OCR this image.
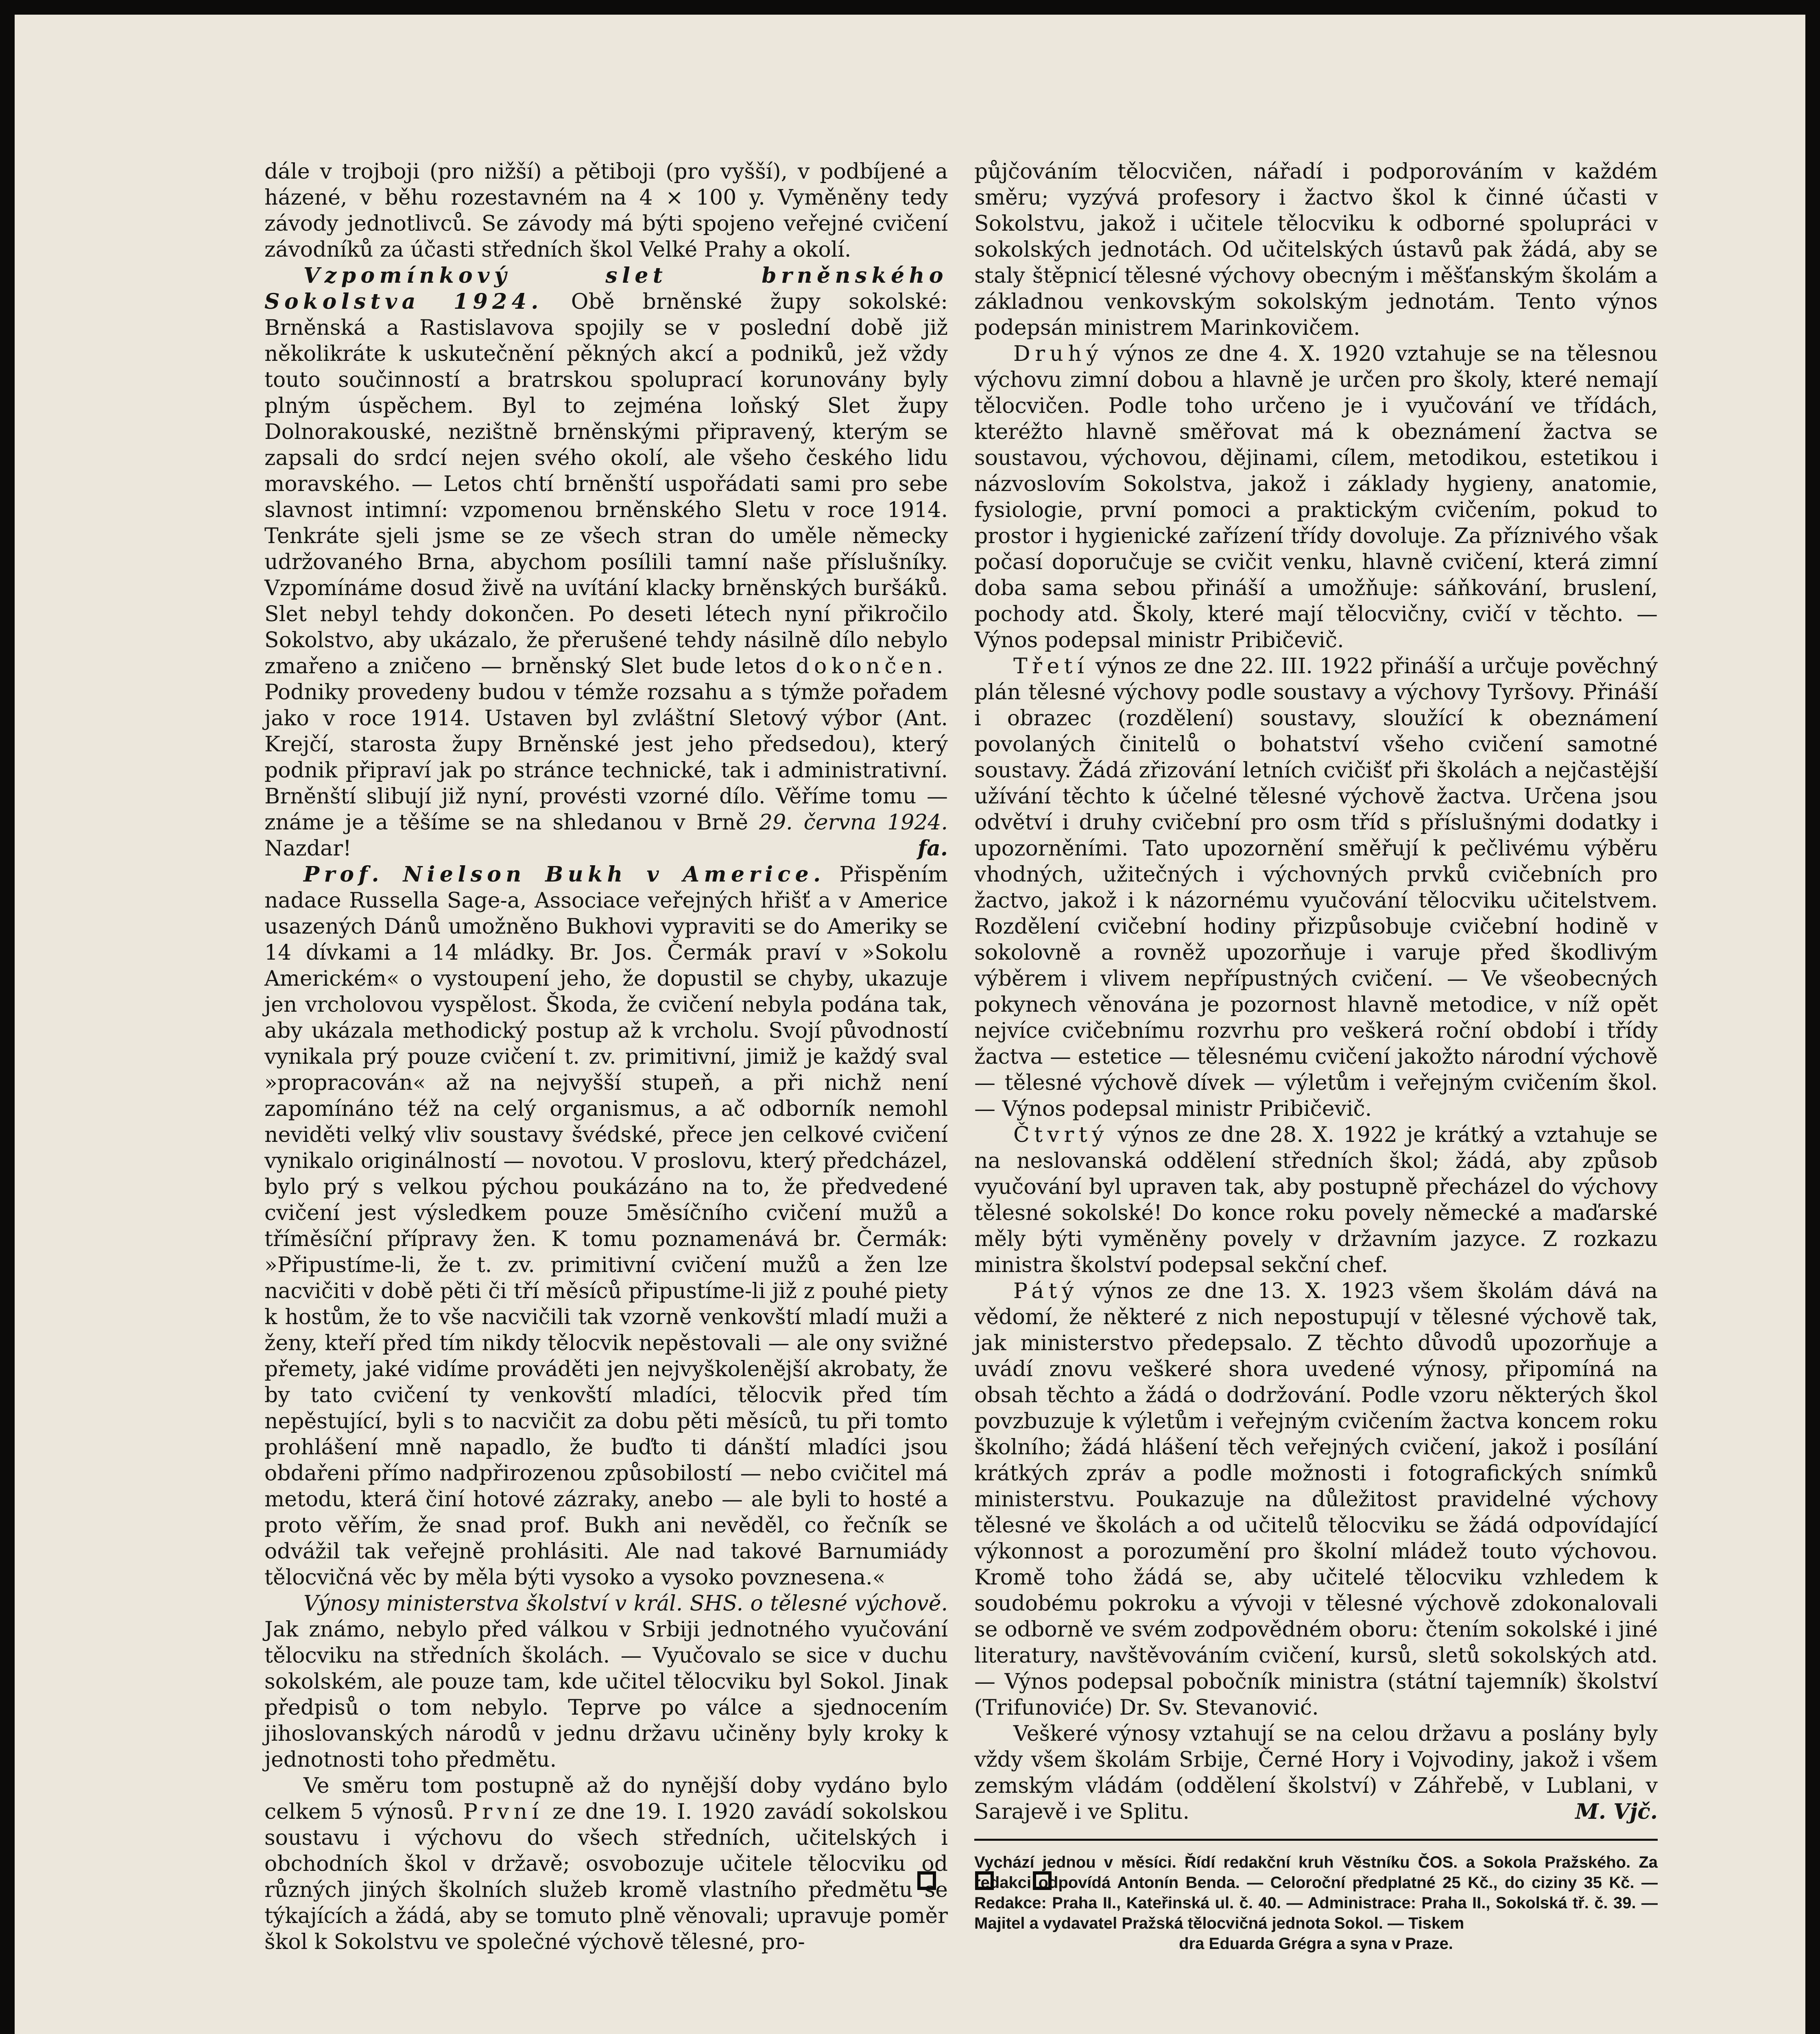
dále v trojboji (pro nižší) a pětiboji (pro vyšší), v podbíjené a házené, v běhu rozestavném na 4 × 100 y. Vyměněny tedy závody jednotlivců. Se závody má býti spojeno veřejné cvičení závodníků za účasti středních škol Velké Prahy a okolí.

Vzpomínkový slet brněnského Sokolstva 1924. Obě brněnské župy sokolské: Brněnská a Rastislavova spojily se v poslední době již několikráte k uskutečnění pěkných akcí a podniků, jež vždy touto součinností a bratrskou spoluprací korunovány byly plným úspěchem. Byl to zejména loňský Slet župy Dolnorakouské, nezištně brněnskými připravený, kterým se zapsali do srdcí nejen svého okolí, ale všeho českého lidu moravského. — Letos chtí brněnští uspořádati sami pro sebe slavnost intimní: vzpomenou brněnského Sletu v roce 1914. Tenkráte sjeli jsme se ze všech stran do uměle německy udržovaného Brna, abychom posílili tamní naše příslušníky. Vzpomínáme dosud živě na uvítání klacky brněnských buršáků. Slet nebyl tehdy dokončen. Po deseti létech nyní přikročilo Sokolstvo, aby ukázalo, že přerušené tehdy násilně dílo nebylo zmařeno a zničeno — brněnský Slet bude letos dokončen. Podniky provedeny budou v témže rozsahu a s týmže pořadem jako v roce 1914. Ustaven byl zvláštní Sletový výbor (Ant. Krejčí, starosta župy Brněnské jest jeho předsedou), který podnik připraví jak po stránce technické, tak i administrativní. Brněnští slibují již nyní, provésti vzorné dílo. Věříme tomu — známe je a těšíme se na shledanou v Brně 29. června 1924. Nazdar!	fa.

Prof. Nielson Bukh v Americe. Přispěním nadace Russella Sage-a, Associace veřejných hřišť a v Americe usazených Dánů umožněno Bukhovi vypraviti se do Ameriky se 14 dívkami a 14 mládky. Br. Jos. Čermák praví v »Sokolu Americkém« o vystoupení jeho, že dopustil se chyby, ukazuje jen vrcholovou vyspělost. Škoda, že cvičení nebyla podána tak, aby ukázala methodický postup až k vrcholu. Svojí původností vynikala prý pouze cvičení t. zv. primitivní, jimiž je každý sval »propracován« až na nejvyšší stupeň, a při nichž není zapomínáno též na celý organismus, a ač odborník nemohl neviděti velký vliv soustavy švédské, přece jen celkové cvičení vynikalo originálností — novotou. V proslovu, který předcházel, bylo prý s velkou pýchou poukázáno na to, že předvedené cvičení jest výsledkem pouze 5měsíčního cvičení mužů a tříměsíční přípravy žen. K tomu poznamenává br. Čermák: »Připustíme-li, že t. zv. primitivní cvičení mužů a žen lze nacvičiti v době pěti či tří měsíců připustíme-li již z pouhé piety k hostům, že to vše nacvičili tak vzorně venkovští mladí muži a ženy, kteří před tím nikdy tělocvik nepěstovali — ale ony svižné přemety, jaké vidíme prováděti jen nejvyškolenější akrobaty, že by tato cvičení ty venkovští mladíci, tělocvik před tím nepěstující, byli s to nacvičit za dobu pěti měsíců, tu při tomto prohlášení mně napadlo, že buďto ti dánští mladíci jsou obdařeni přímo nadpřirozenou způsobilostí — nebo cvičitel má metodu, která činí hotové zázraky, anebo — ale byli to hosté a proto věřím, že snad prof. Bukh ani nevěděl, co řečník se odvážil tak veřejně prohlásiti. Ale nad takové Barnumiády tělocvičná věc by měla býti vysoko a vysoko povznesena.«

Výnosy ministerstva školství v král. SHS. o tělesné výchově. Jak známo, nebylo před válkou v Srbiji jednotného vyučování tělocviku na středních školách. — Vyučovalo se sice v duchu sokolském, ale pouze tam, kde učitel tělocviku byl Sokol. Jinak předpisů o tom nebylo. Teprve po válce a sjednocením jihoslovanských národů v jednu državu učiněny byly kroky k jednotnosti toho předmětu.

Ve směru tom postupně až do nynější doby vydáno bylo celkem 5 výnosů. První ze dne 19. I. 1920 zavádí sokolskou soustavu i výchovu do všech středních, učitelských i obchodních škol v državě; osvobozuje učitele tělocviku od různých jiných školních služeb kromě vlastního předmětu se týkajících a žádá, aby se tomuto plně věnovali; upravuje poměr škol k Sokolstvu ve společné výchově tělesné, pro-

půjčováním tělocvičen, nářadí i podporováním v každém směru; vyzývá profesory i žactvo škol k činné účasti v Sokolstvu, jakož i učitele tělocviku k odborné spolupráci v sokolských jednotách. Od učitelských ústavů pak žádá, aby se staly štěpnicí tělesné výchovy obecným i měšťanským školám a základnou venkovským sokolským jednotám. Tento výnos podepsán ministrem Marinkovičem.

Druhý výnos ze dne 4. X. 1920 vztahuje se na tělesnou výchovu zimní dobou a hlavně je určen pro školy, které nemají tělocvičen. Podle toho určeno je i vyučování ve třídách, kteréžto hlavně směřovat má k obeznámení žactva se soustavou, výchovou, dějinami, cílem, metodikou, estetikou i názvoslovím Sokolstva, jakož i základy hygieny, anatomie, fysiologie, první pomoci a praktickým cvičením, pokud to prostor i hygienické zařízení třídy dovoluje. Za příznivého však počasí doporučuje se cvičit venku, hlavně cvičení, která zimní doba sama sebou přináší a umožňuje: sáňkování, bruslení, pochody atd. Školy, které mají tělocvičny, cvičí v těchto. — Výnos podepsal ministr Pribičevič.

Třetí výnos ze dne 22. III. 1922 přináší a určuje pověchný plán tělesné výchovy podle soustavy a výchovy Tyršovy. Přináší i obrazec (rozdělení) soustavy, sloužící k obeznámení povolaných činitelů o bohatství všeho cvičení samotné soustavy. Žádá zřizování letních cvičišť při školách a nejčastější užívání těchto k účelné tělesné výchově žactva. Určena jsou odvětví i druhy cvičební pro osm tříd s příslušnými dodatky i upozorněními. Tato upozornění směřují k pečlivému výběru vhodných, užitečných i výchovných prvků cvičebních pro žactvo, jakož i k názornému vyučování tělocviku učitelstvem. Rozdělení cvičební hodiny přizpůsobuje cvičební hodině v sokolovně a rovněž upozorňuje i varuje před škodlivým výběrem i vlivem nepřípustných cvičení. — Ve všeobecných pokynech věnována je pozornost hlavně metodice, v níž opět nejvíce cvičebnímu rozvrhu pro veškerá roční období i třídy žactva — estetice — tělesnému cvičení jakožto národní výchově — tělesné výchově dívek — výletům i veřejným cvičením škol. — Výnos podepsal ministr Pribičevič.

Čtvrtý výnos ze dne 28. X. 1922 je krátký a vztahuje se na neslovanská oddělení středních škol; žádá, aby způsob vyučování byl upraven tak, aby postupně přecházel do výchovy tělesné sokolské! Do konce roku povely německé a maďarské měly býti vyměněny povely v državním jazyce. Z rozkazu ministra školství podepsal sekční chef.

Pátý výnos ze dne 13. X. 1923 všem školám dává na vědomí, že některé z nich nepostupují v tělesné výchově tak, jak ministerstvo předepsalo. Z těchto důvodů upozorňuje a uvádí znovu veškeré shora uvedené výnosy, připomíná na obsah těchto a žádá o dodržování. Podle vzoru některých škol povzbuzuje k výletům i veřejným cvičením žactva koncem roku školního; žádá hlášení těch veřejných cvičení, jakož i posílání krátkých zpráv a podle možnosti i fotografických snímků ministerstvu. Poukazuje na důležitost pravidelné výchovy tělesné ve školách a od učitelů tělocviku se žádá odpovídající výkonnost a porozumění pro školní mládež touto výchovou. Kromě toho žádá se, aby učitelé tělocviku vzhledem k soudobému pokroku a vývoji v tělesné výchově zdokonalovali se odborně ve svém zodpovědném oboru: čtením sokolské i jiné literatury, navštěvováním cvičení, kursů, sletů sokolských atd. — Výnos podepsal pobočník ministra (státní tajemník) školství (Trifunoviće) Dr. Sv. Stevanović.

Veškeré výnosy vztahují se na celou državu a poslány byly vždy všem školám Srbije, Černé Hory i Vojvodiny, jakož i všem zemským vládám (oddělení školství) v Záhřebě, v Lublani, v Sarajevě i ve Splitu.	M. Vjč.

Vychází jednou v měsíci. Řídí redakční kruh Věstníku ČOS. a Sokola Pražského. Za redakci odpovídá Antonín Benda. — Celoroční předplatné 25 Kč., do ciziny 35 Kč. — Redakce: Praha II., Kateřinská ul. č. 40. — Administrace: Praha II., Sokolská tř. č. 39. — Majitel a vydavatel Pražská tělocvičná jednota Sokol. — Tiskem

dra Eduarda Grégra a syna v Praze.
